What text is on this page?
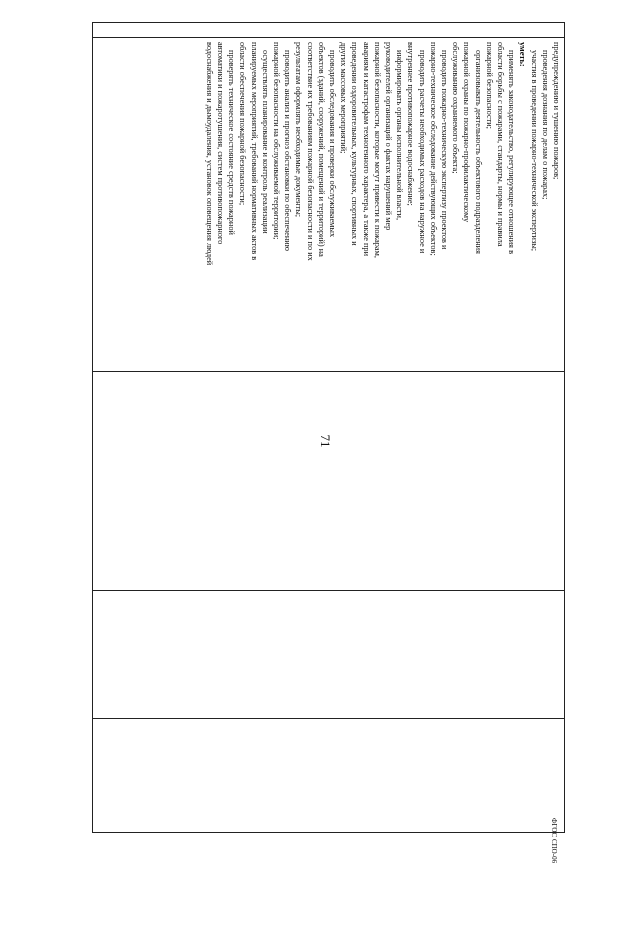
71

предупреждению и тушению пожаров;

проведения дознания по делам о пожарах;

участия в проведении пожарно-технической экспертизы;

уметь:

применять законодательство, регулирующее отношения в

области борьбы с пожарами, стандарты, нормы и правила

пожарной безопасности;

организовывать деятельность объектового подразделения

пожарной охраны по пожарно-профилактическому

обслуживанию охраняемого объекта;

проводить пожарно-техническую экспертизу проектов и

пожарно-техническое обследование действующих объектов;

проводить расчеты необходимых расходов на наружное и

внутреннее противопожарное водоснабжение;

информировать органы исполнительной власти,

руководителей организаций о фактах нарушений мер

пожарной безопасности, которые могут привести к пожарам,

авариям и катастрофам техногенного характера, а также при

проведении оздоровительных, культурных, спортивных и

других массовых мероприятий;

проводить обследования и проверки обслуживаемых

объектов (зданий, сооружений, помещений и территорий) на

соответствие их требованиям пожарной безопасности и по их

результатам оформлять необходимые документы;

проводить анализ и прогноз обстановки по обеспечению

пожарной безопасности на обслуживаемой территории;

осуществлять планирование и контроль реализации

планируемых мероприятий, требований нормативных актов в

области обеспечения пожарной безопасности;

проверять техническое состояние средств пожарной

автоматики и пожаротушения, систем противопожарного

водоснабжения и дымоудаления, установок оповещения людей

ФГОС СПО-06
